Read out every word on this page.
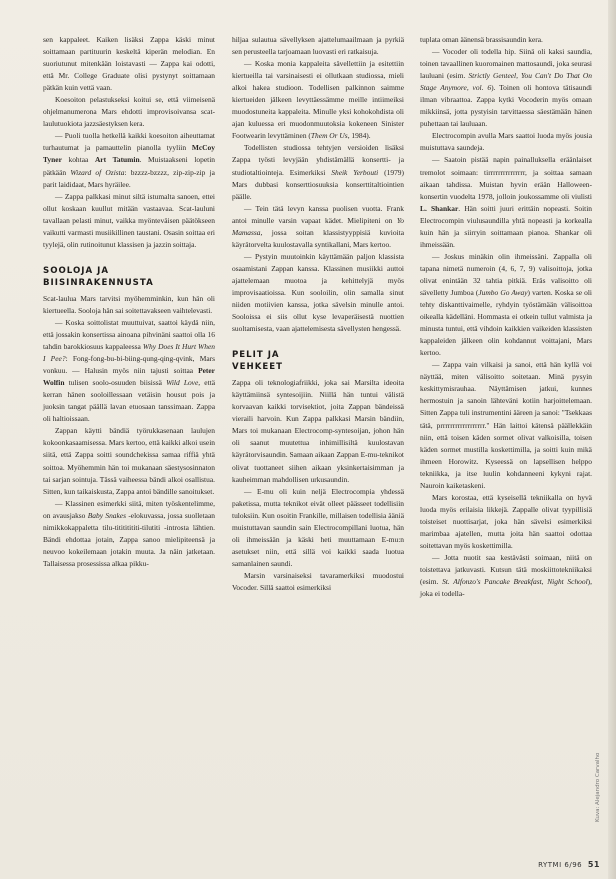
sen kappaleet. Kaiken lisäksi Zappa käski minut soittamaan partituurin keskeltä kiperän melodian. En suoriutunut mitenkään loistavasti — Zappa kai odotti, että Mr. College Graduate olisi pystynyt soittamaan pätkän kuin vettä vaan.

Koesoiton pelastukseksi koitui se, että viimeisenä ohjelmanumerona Mars ehdotti improvisoivansa scat-laulutuokiota jazzsäestyksen kera.

— Puoli tuolla hetkellä kaikki koesoiton aiheuttamat turhautumat ja pamauttelin pianolla tyyliin McCoy Tyner kohtaa Art Tatumin. Muistaakseni lopetin pätkään Wizard of Ozista: bzzzz-bzzzz, zip-zip-zip ja parit laididaat, Mars hyräilee.

— Zappa palkkasi minut siltä istumalta sanoen, ettei ollut koskaan kuullut mitään vastaavaa. Scat-lauluni tavallaan pelasti minut, vaikka myönteväisen päätökseen vaikutti varmasti musiikillinen taustani. Osasin soittaa eri tyylejä, olin rutinoitunut klassisen ja jazzin soittaja.

SOOLOJA JA
BIISINRAKENNUSTA

Scat-laulua Mars tarvitsi myöhemminkin, kun hän oli kiertueella. Sooloja hän sai soitettavakseen vaihtelevasti.

— Koska soittolistat muuttuivat, saattoi käydä niin, että jossakin konsertissa ainoana pihvinäni saattoi olla 16 tahdin barokkiosuus kappaleessa Why Does It Hurt When I Pee?: Fong-fong-bu-bi-biing-qung-qing-qvink, Mars vonkuu. — Halusin myös niin tajusti soittaa Peter Wolfin tulisen soolo-osuuden biisissä Wild Love, että kerran hänen sooloillessaan vetäisin housut pois ja juoksin tangat päällä lavan etuosaan tanssimaan. Zappa oli haltioissaan.

Zappan käytti bändiä työrukkasenaan laulujen kokoonkasaamisessa. Mars kertoo, että kaikki alkoi usein siitä, että Zappa soitti soundchekissa samaa riffiä yhtä soittoa. Myöhemmin hän toi mukanaan säestysosinnaton tai sarjan sointuja. Tässä vaiheessa bändi alkoi osallistua. Sitten, kun taikaiskusta, Zappa antoi bändille sanoitukset.

— Klassinen esimerkki siitä, miten työskentelimme, on avausjakso Baby Snakes -elokuvassa, jossa suolletaan nimikkokappaletta tilu-titititititi-tilutiti -introsta lähtien. Bändi ehdottaa jotain, Zappa sanoo mielipiteensä ja neuvoo kokeilemaan jotakin muuta. Ja näin jatketaan. Tallaisessa prosessissa alkaa pikku-

hiljaa sulautua sävellyksen ajattelumaailmaan ja pyrkiä sen perusteella tarjoamaan luovasti eri ratkaisuja.

— Koska monia kappaleita sävellettiin ja esitettiin kiertueilla tai varsinaisesti ei ollutkaan studiossa, mieli alkoi hakea studioon. Todellisen palkinnon saimme kiertueiden jälkeen levyttäessämme meille intiimeiksi muodostuneita kappaleita. Minulle yksi kohokohdista oli ajan kuluessa eri muodonmuutoksia kokeneen Sinister Footwearin levyttäminen (Them Or Us, 1984).

Todellisten studiossa tehtyjen versioiden lisäksi Zappa työsti levyjään yhdistämällä konsertti- ja studiotaltiointeja. Esimerkiksi Sheik Yerbouti (1979) Mars dubbasi konserttiosuuksia konserttitaltiointien päälle.

— Tein tätä levyn kanssa puolisen vuotta. Frank antoi minulle varsin vapaat kädet. Mielipiteni on Yo Mamassa, jossa soitan klassistyyppisiä kuvioita käyrätorvelta kuulostavalla syntikallani, Mars kertoo.

— Pystyin muutoinkin käyttämään paljon klassista osaamistani Zappan kanssa. Klassinen musiikki auttoi ajattelemaan muotoa ja kehittelyjä myös improvisaatioissa. Kun sooloilin, olin samalla sinut niiden motiivien kanssa, jotka sävelsin minulle antoi. Sooloissa ei siis ollut kyse levaperäisestä nuottien suoltamisesta, vaan ajattelemisesta sävellysten hengessä.

PELIT JA
VEHKEET

Zappa oli teknologiafriikki, joka sai Marsilta ideoita käyttämiinsä syntesoijiin. Niillä hän tuntui välistä korvaavan kaikki torvisektiot, joita Zappan bändeissä vieraili harvoin. Kun Zappa palkkasi Marsin bändiin, Mars toi mukanaan Electrocomp-syntesoijan, johon hän oli saanut muutettua inhimillisiltä kuulostavan käyrätorvisaundin. Samaan aikaan Zappan E-mu-teknikot olivat tuottaneet siihen aikaan yksinkertaisimman ja kauheimman mahdollisen urkusaundin.

— E-mu oli kuin neljä Electrocompia yhdessä paketissa, mutta teknikot eivät olleet päässeet todellisiin tuloksiin. Kun osoitin Frankille, millaisen todellisia ääniä muistuttavan saundin sain Electrocompillani luotua, hän oli ihmeissään ja käski heti muuttamaan E-mu:n asetukset niin, että sillä voi kaikki saada luotua samanlainen saundi.

Marsin varsinaiseksi tavaramerkiksi muodostui Vocoder. Sillä saattoi esimerkiksi

tuplata oman äänensä brassisaundin kera.

— Vocoder oli todella hip. Siinä oli kaksi saundia, toinen tavaallinen kuoromainen mattosaundi, joka seurasi lauluani (esim. Strictly Genteel, You Can't Do That On Stage Anymore, vol. 6). Toinen oli hontova tätisaundi ilman vibraattoa. Zappa kytki Vocoderin myös omaan mikkiinsä, jotta pystyisin tarvittaessa säestämään hänen puhettaan tai lauluaan.

Electrocompin avulla Mars saattoi luoda myös jousia muistuttava saundeja.

— Saatoin pistää napin painalluksella eräänlaiset tremolot soimaan: tirrrrrrrrrrrrrrr, ja soittaa samaan aikaan tahdissa. Muistan hyvin erään Halloween-konsertin vuodelta 1978, jolloin joukossamme oli viulisti L. Shankar. Hän soitti juuri erittäin nopeasti. Soitin Electrocompin viulusaundilla yhtä nopeasti ja korkealla kuin hän ja siirryin soittamaan pianoa. Shankar oli ihmeissään.

— Joskus minäkin olin ihmeissäni. Zappalla oli tapana nimetä numeroin (4, 6, 7, 9) valisoittoja, jotka olivat enintään 32 tahtia pitkiä. Eräs valisoitto oli sävelletty Jumboa (Jumbo Go Away) varten. Koska se oli tehty diskanttivaimelle, ryhdyin työstämään välisoittoa oikealla kädelläni. Hommasta ei otkein tullut valmista ja minusta tuntui, että vihdoin kaikkien vaikeiden klassisten kappaleiden jälkeen olin kohdannut voittajani, Mars kertoo.

— Zappa vain vilkaisi ja sanoi, että hän kyllä voi näyttää, miten välisoitto soitetaan. Minä pysyin keskittymisrauhaa. Näyttämisen jatkui, kunnes hermostuin ja sanoin lähteväni kotiin harjoittelemaan. Sitten Zappa tuli instrumentini ääreen ja sanoi: "Tsekkaas tätä, prrrrrrrrrrrrrrrrrr." Hän laittoi kätensä päällekkäin niin, että toisen käden sormet olivat valkoisilla, toisen käden sormet mustilla koskettimilla, ja soitti kuin mikä ihmeen Horowitz. Kyseessä on lapsellisen helppo tekniikka, ja itse luulin kohdanneeni kykyni rajat. Nauroin kaiketaskeni.

Mars korostaa, että kyseisellä tekniikalla on hyvä luoda myös erilaisia likkejä. Zappalle olivat tyypillisiä toisteiset nuottisarjat, joka hän sävelsi esimerkiksi marimbaa ajatellen, mutta joita hän saattoi odottaa soitettavan myös koskettimilla.

— Jotta nuotit saa kestävästi soimaan, niitä on toistettava jatkuvasti. Kutsun tätä moskiittotekniikaksi (esim. St. Alfonzo's Pancake Breakfast, Night School), joka ei todella-

Kuva: Alejandro Carvalho
RYTMI 6/96 51
